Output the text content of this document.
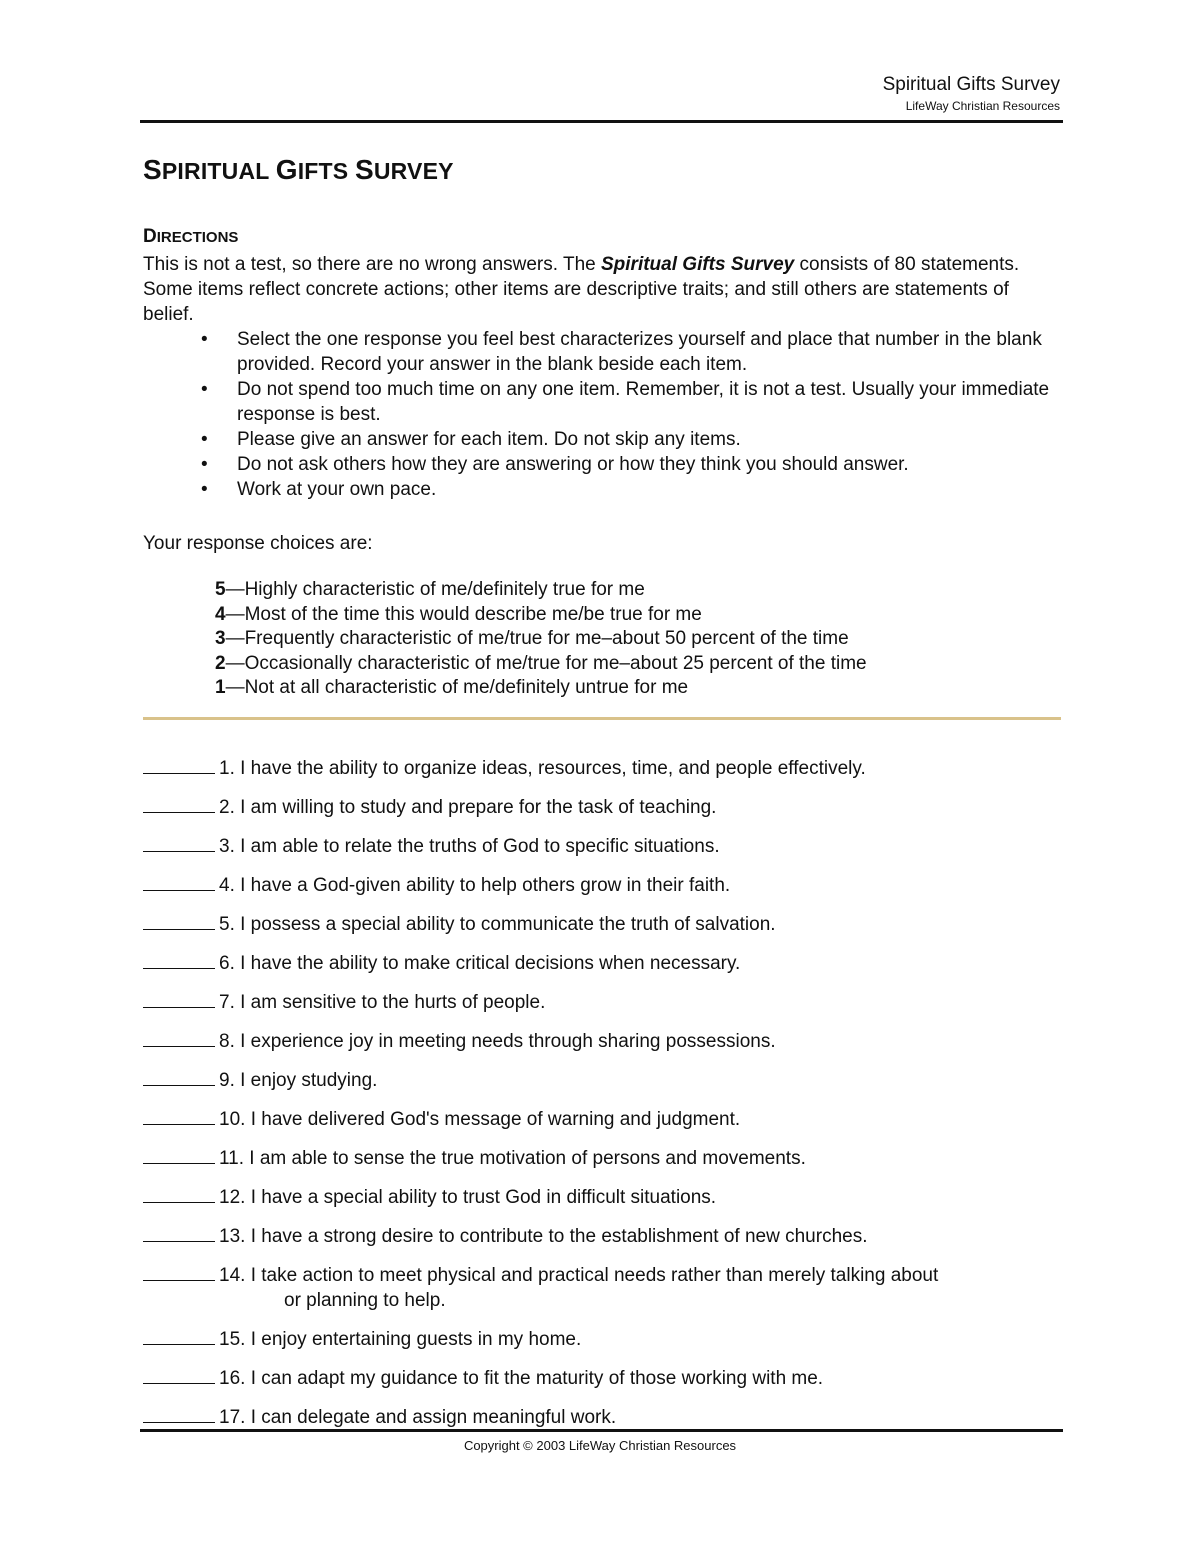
Spiritual Gifts Survey
LifeWay Christian Resources
SPIRITUAL GIFTS SURVEY
DIRECTIONS
This is not a test, so there are no wrong answers. The Spiritual Gifts Survey consists of 80 statements. Some items reflect concrete actions; other items are descriptive traits; and still others are statements of belief.
• Select the one response you feel best characterizes yourself and place that number in the blank provided. Record your answer in the blank beside each item.
• Do not spend too much time on any one item. Remember, it is not a test. Usually your immediate response is best.
• Please give an answer for each item. Do not skip any items.
• Do not ask others how they are answering or how they think you should answer.
• Work at your own pace.
Your response choices are:
5—Highly characteristic of me/definitely true for me
4—Most of the time this would describe me/be true for me
3—Frequently characteristic of me/true for me–about 50 percent of the time
2—Occasionally characteristic of me/true for me–about 25 percent of the time
1—Not at all characteristic of me/definitely untrue for me
1. I have the ability to organize ideas, resources, time, and people effectively.
2. I am willing to study and prepare for the task of teaching.
3. I am able to relate the truths of God to specific situations.
4. I have a God-given ability to help others grow in their faith.
5. I possess a special ability to communicate the truth of salvation.
6. I have the ability to make critical decisions when necessary.
7. I am sensitive to the hurts of people.
8. I experience joy in meeting needs through sharing possessions.
9. I enjoy studying.
10. I have delivered God's message of warning and judgment.
11. I am able to sense the true motivation of persons and movements.
12. I have a special ability to trust God in difficult situations.
13. I have a strong desire to contribute to the establishment of new churches.
14. I take action to meet physical and practical needs rather than merely talking about
or planning to help.
15. I enjoy entertaining guests in my home.
16. I can adapt my guidance to fit the maturity of those working with me.
17. I can delegate and assign meaningful work.
Copyright © 2003 LifeWay Christian Resources
